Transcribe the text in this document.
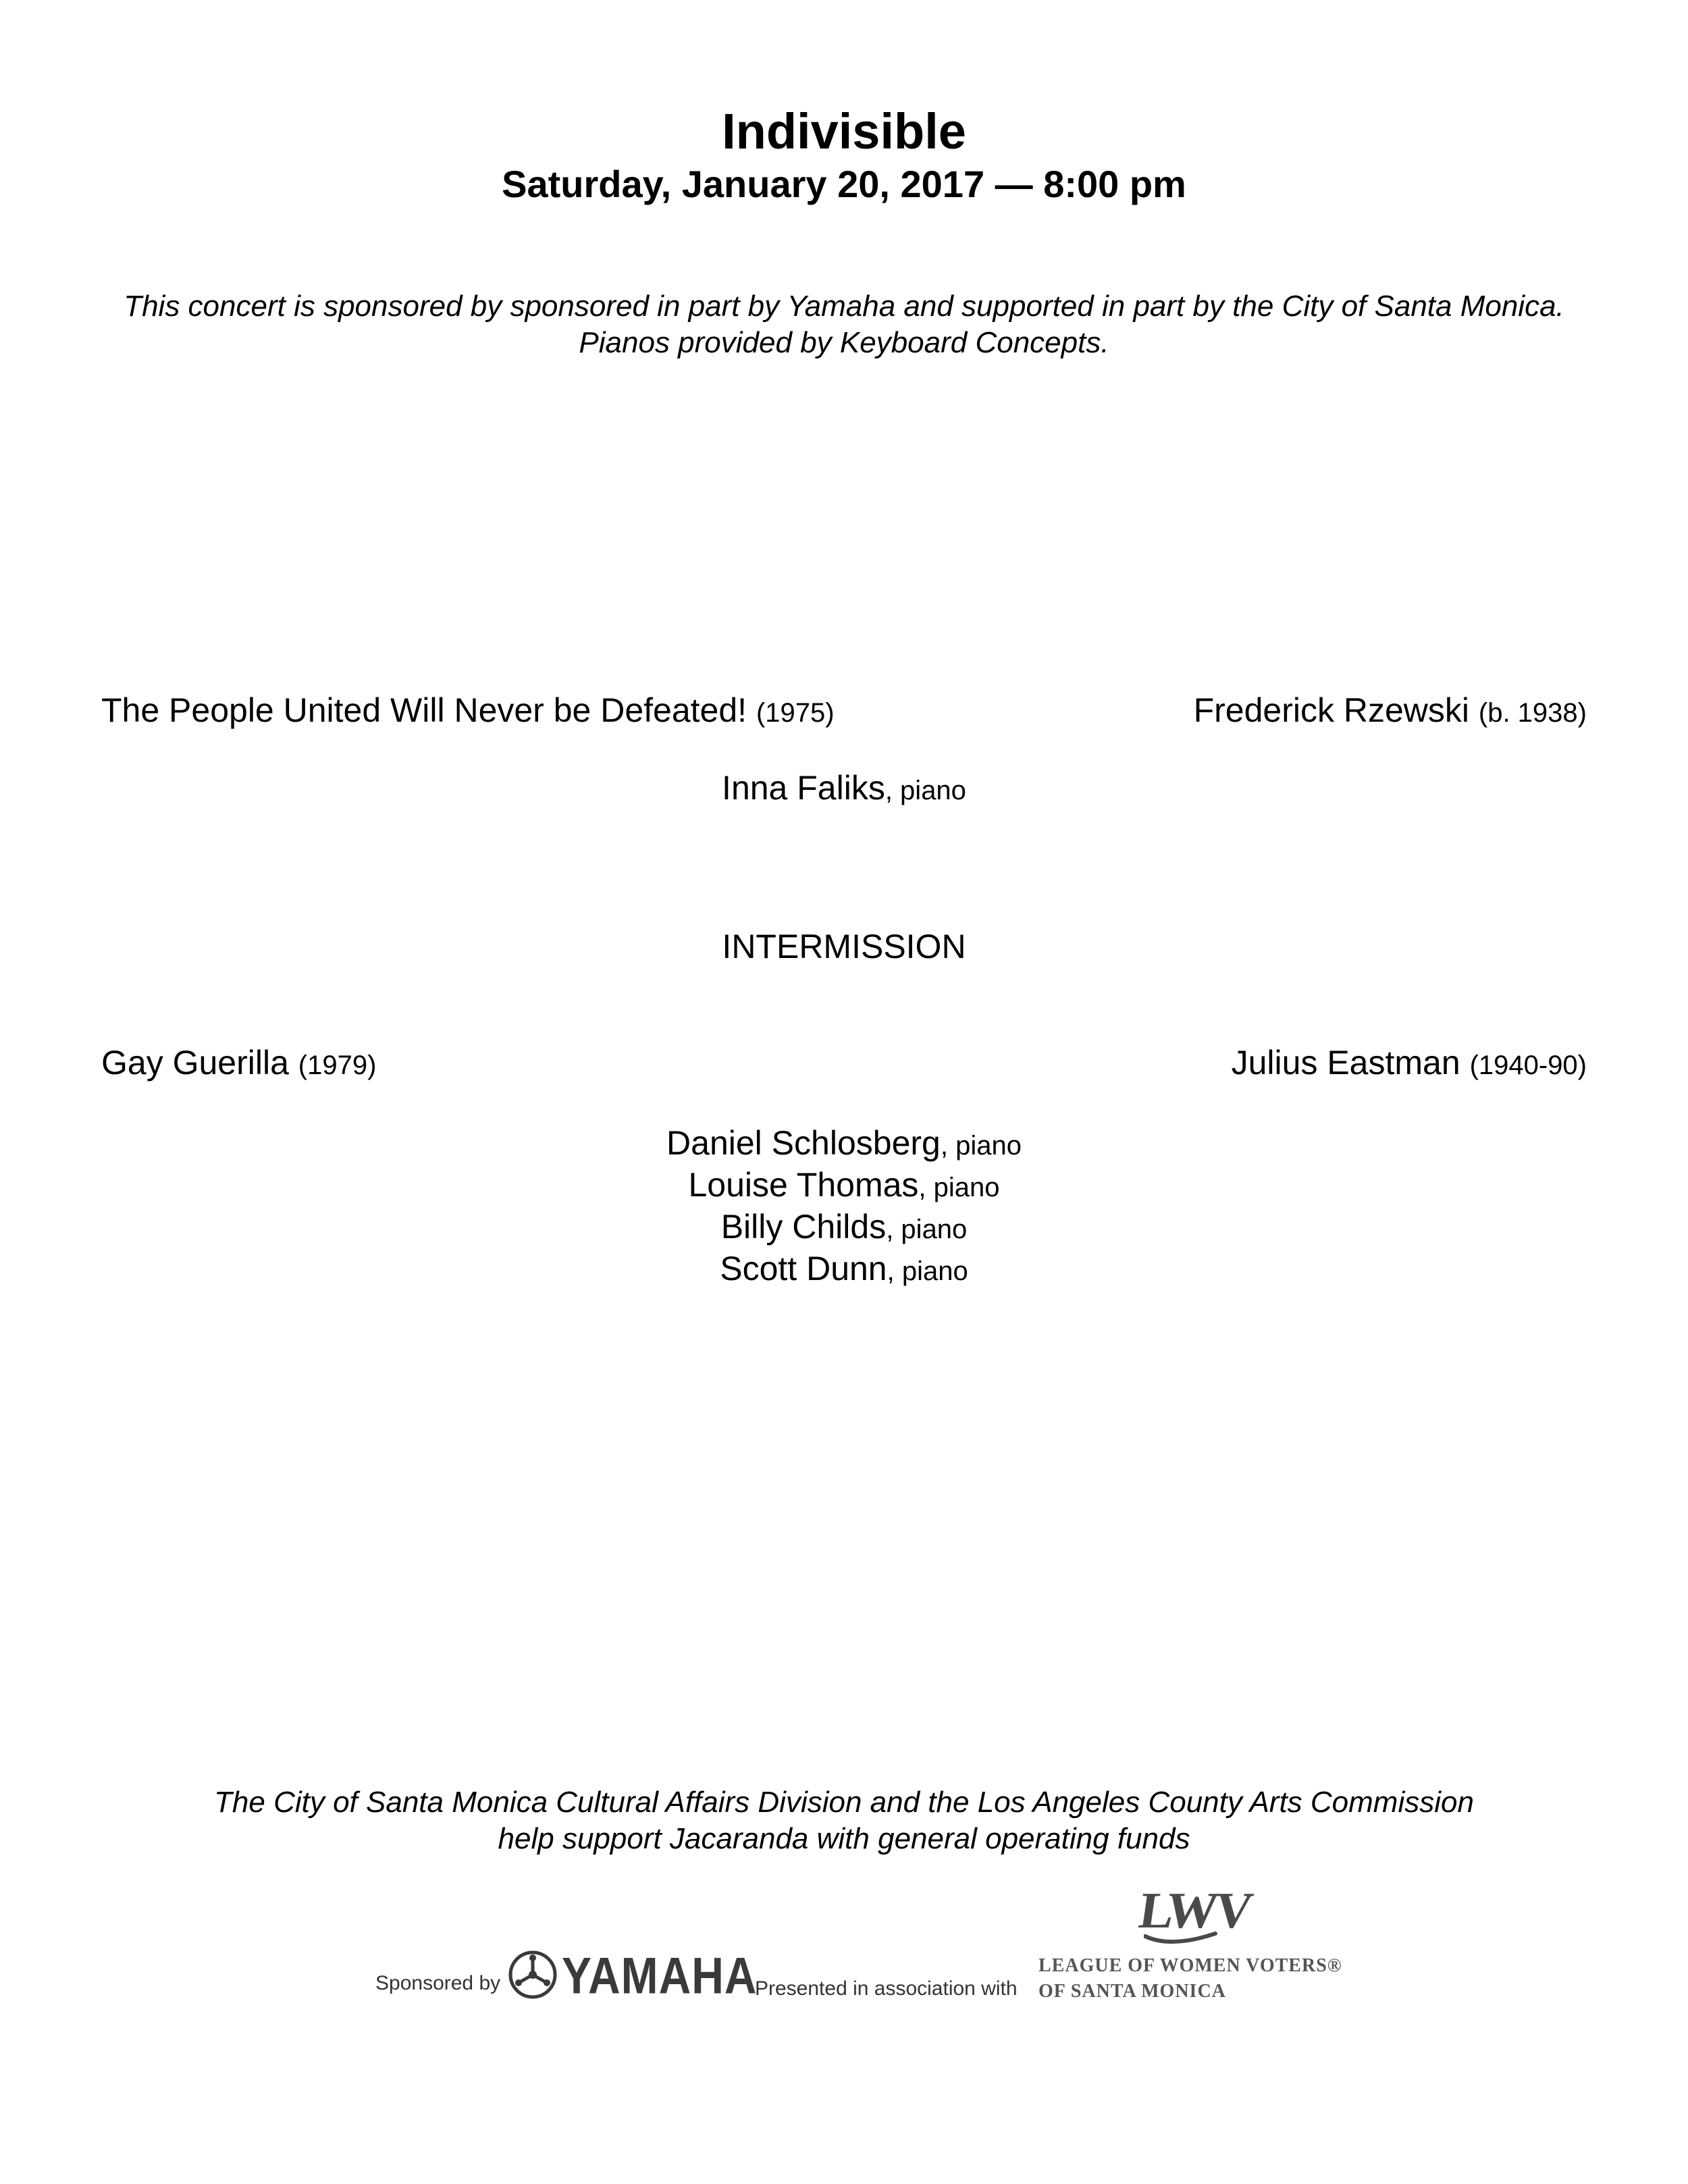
Indivisible
Saturday, January 20, 2017 — 8:00 pm
This concert is sponsored by sponsored in part by Yamaha and supported in part by the City of Santa Monica.
Pianos provided by Keyboard Concepts.
The People United Will Never be Defeated! (1975)	Frederick Rzewski (b. 1938)
Inna Faliks, piano
INTERMISSION
Gay Guerilla (1979)	Julius Eastman (1940-90)
Daniel Schlosberg, piano
Louise Thomas, piano
Billy Childs, piano
Scott Dunn, piano
The City of Santa Monica Cultural Affairs Division and the Los Angeles County Arts Commission
help support Jacaranda with general operating funds
Sponsored by YAMAHA
Presented in association with
LWV
LEAGUE OF WOMEN VOTERS®
OF SANTA MONICA
